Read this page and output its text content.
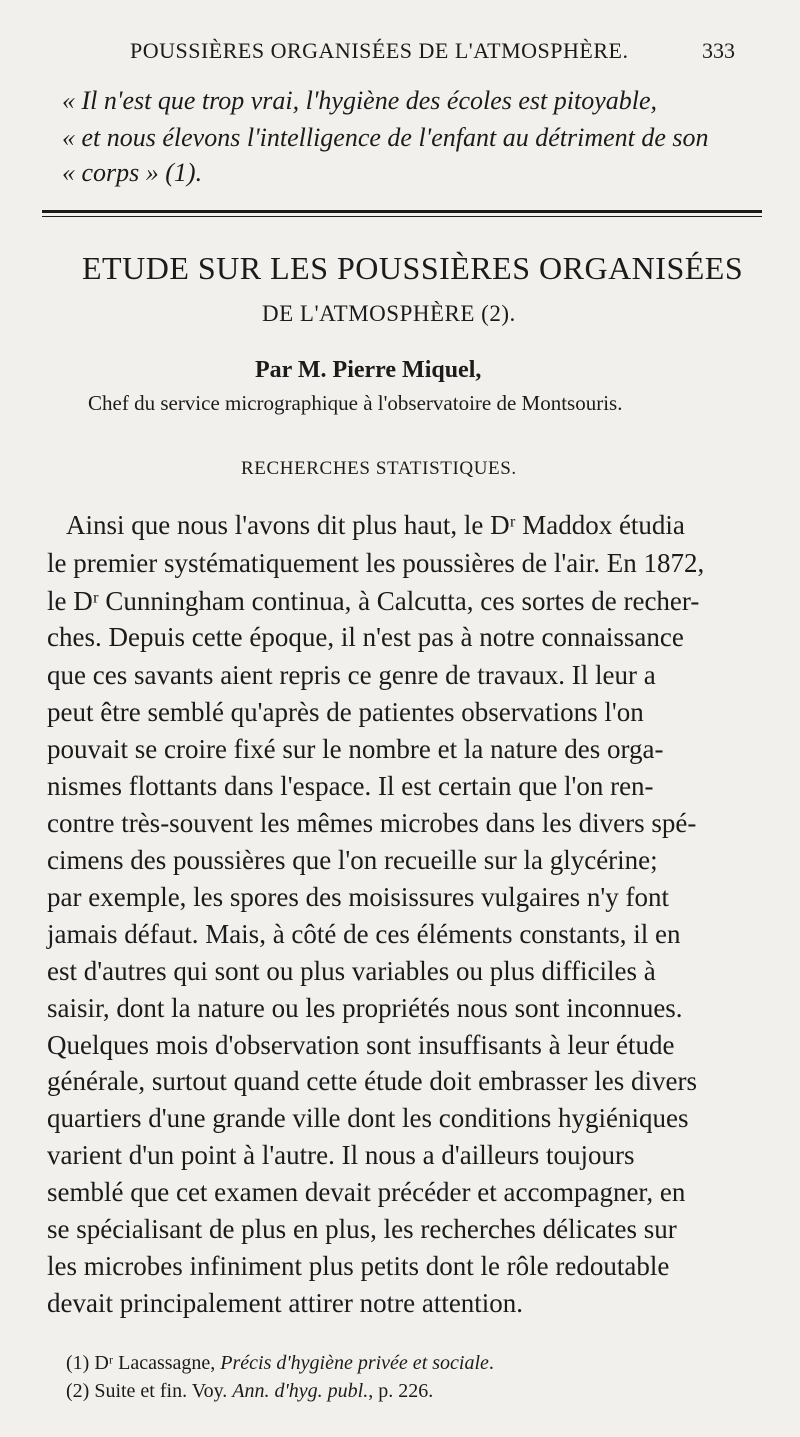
POUSSIÈRES ORGANISÉES DE L'ATMOSPHÈRE.	333
« Il n'est que trop vrai, l'hygiène des écoles est pitoyable,
« et nous élevons l'intelligence de l'enfant au détriment de son
« corps » (1).
ETUDE SUR LES POUSSIÈRES ORGANISÉES
DE L'ATMOSPHÈRE (2).
Par M. Pierre Miquel,
Chef du service micrographique à l'observatoire de Montsouris.
RECHERCHES STATISTIQUES.
Ainsi que nous l'avons dit plus haut, le Dʳ Maddox étudia
le premier systématiquement les poussières de l'air. En 1872,
le Dʳ Cunningham continua, à Calcutta, ces sortes de recher-
ches. Depuis cette époque, il n'est pas à notre connaissance
que ces savants aient repris ce genre de travaux. Il leur a
peut être semblé qu'après de patientes observations l'on
pouvait se croire fixé sur le nombre et la nature des orga-
nismes flottants dans l'espace. Il est certain que l'on ren-
contre très-souvent les mêmes microbes dans les divers spé-
cimens des poussières que l'on recueille sur la glycérine;
par exemple, les spores des moisissures vulgaires n'y font
jamais défaut. Mais, à côté de ces éléments constants, il en
est d'autres qui sont ou plus variables ou plus difficiles à
saisir, dont la nature ou les propriétés nous sont inconnues.
Quelques mois d'observation sont insuffisants à leur étude
générale, surtout quand cette étude doit embrasser les divers
quartiers d'une grande ville dont les conditions hygiéniques
varient d'un point à l'autre. Il nous a d'ailleurs toujours
semblé que cet examen devait précéder et accompagner, en
se spécialisant de plus en plus, les recherches délicates sur
les microbes infiniment plus petits dont le rôle redoutable
devait principalement attirer notre attention.
(1) Dʳ Lacassagne, Précis d'hygiène privée et sociale.
(2) Suite et fin. Voy. Ann. d'hyg. publ., p. 226.
